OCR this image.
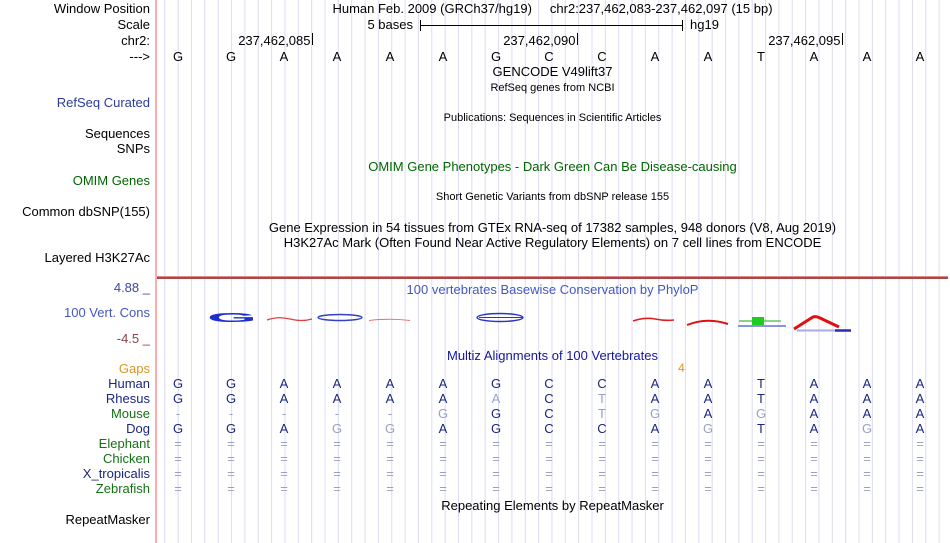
Human Feb. 2009 (GRCh37/hg19) chr2:237,462,083-237,462,097 (15 bp)
5 bases	hg19
237,462,085	237,462,090	237,462,095
G	G	A	A	A	A	G	C	C	A	A	T	A	A	A
Window Position
Scale
chr2:
--->
RefSeq Curated
Sequences
SNPs
OMIM Genes
Common dbSNP(155)
Layered H3K27Ac
4.88 _
100 Vert. Cons
-4.5 _
Gaps
RepeatMasker
GENCODE V49lift37
RefSeq genes from NCBI
Publications: Sequences in Scientific Articles
OMIM Gene Phenotypes - Dark Green Can Be Disease-causing
Short Genetic Variants from dbSNP release 155
Gene Expression in 54 tissues from GTEx RNA-seq of 17382 samples, 948 donors (V8, Aug 2019)
H3K27Ac Mark (Often Found Near Active Regulatory Elements) on 7 cell lines from ENCODE
100 vertebrates Basewise Conservation by PhyloP
Multiz Alignments of 100 Vertebrates
Repeating Elements by RepeatMasker
G
Human	G	G	A	A	A	A	G	C	C	A	A	T	A	A	A
Rhesus	G	G	A	A	A	A	A	C	T	A	A	T	A	A	A
Mouse	-	-	-	-	-	G	G	C	T	G	A	G	A	A	A
Dog	G	G	A	G	G	A	G	C	C	A	G	T	A	G	A
Elephant	=	=	=	=	=	=	=	=	=	=	=	=	=	=	=
Chicken	=	=	=	=	=	=	=	=	=	=	=	=	=	=	=
X_tropicalis	=	=	=	=	=	=	=	=	=	=	=	=	=	=	=
Zebrafish	=	=	=	=	=	=	=	=	=	=	=	=	=	=	=
4
